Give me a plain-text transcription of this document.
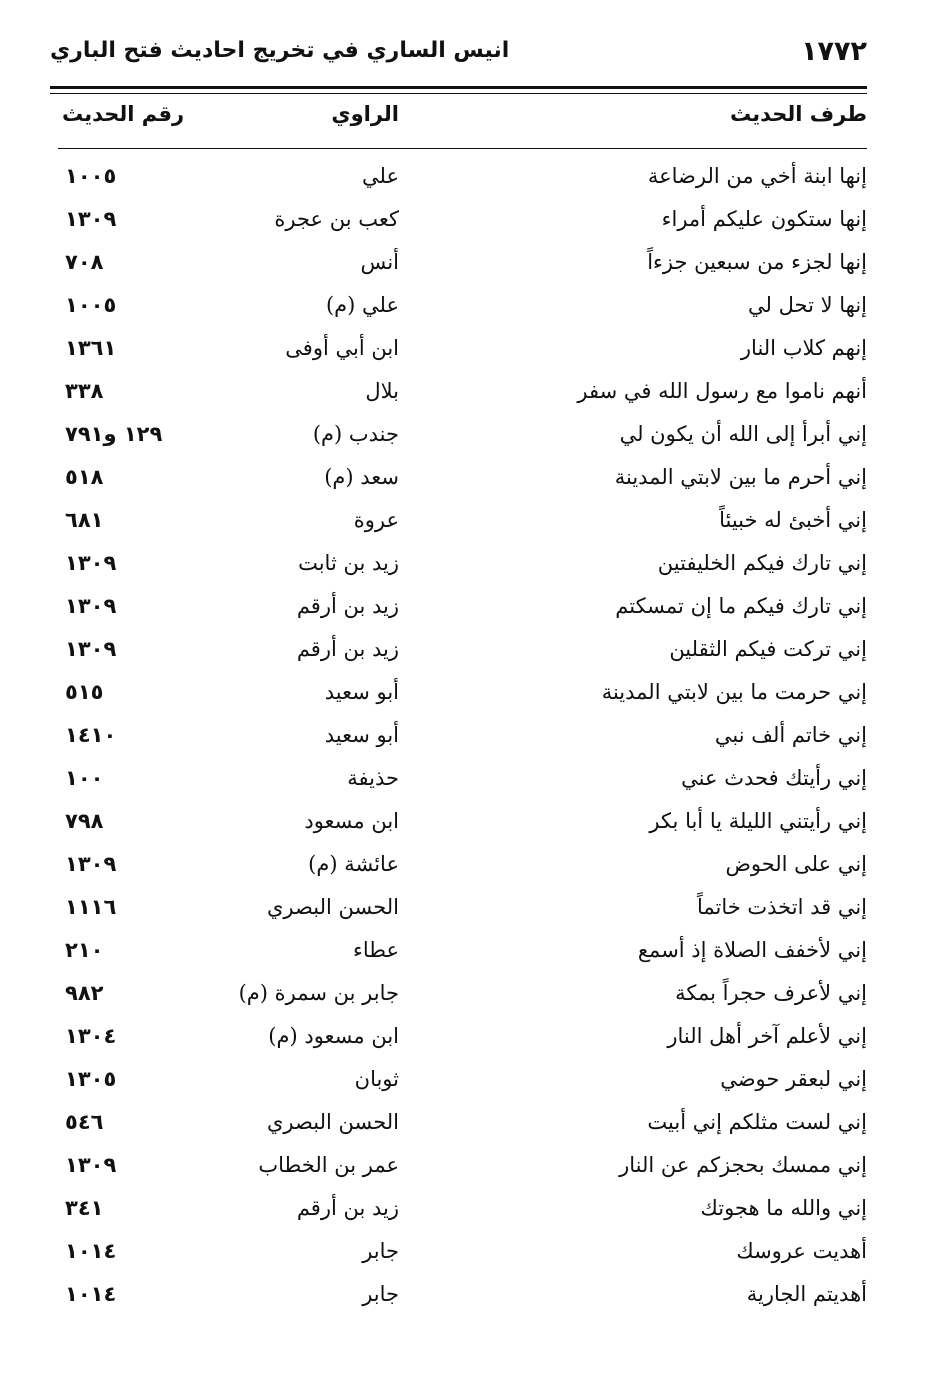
١٧٧٢
انيس الساري في تخريج احاديث فتح الباري
طرف الحديث
الراوي
رقم الحديث
إنها ابنة أخي من الرضاعة
علي
١٠٠٥
إنها ستكون عليكم أمراء
كعب بن عجرة
١٣٠٩
إنها لجزء من سبعين جزءاً
أنس
٧٠٨
إنها لا تحل لي
علي (م)
١٠٠٥
إنهم كلاب النار
ابن أبي أوفى
١٣٦١
أنهم ناموا مع رسول الله في سفر
بلال
٣٣٨
إني أبرأ إلى الله أن يكون لي
جندب (م)
١٢٩ و٧٩١
إني أحرم ما بين لابتي المدينة
سعد (م)
٥١٨
إني أخبئ له خبيئاً
عروة
٦٨١
إني تارك فيكم الخليفتين
زيد بن ثابت
١٣٠٩
إني تارك فيكم ما إن تمسكتم
زيد بن أرقم
١٣٠٩
إني تركت فيكم الثقلين
زيد بن أرقم
١٣٠٩
إني حرمت ما بين لابتي المدينة
أبو سعيد
٥١٥
إني خاتم ألف نبي
أبو سعيد
١٤١٠
إني رأيتك فحدث عني
حذيفة
١٠٠
إني رأيتني الليلة يا أبا بكر
ابن مسعود
٧٩٨
إني على الحوض
عائشة (م)
١٣٠٩
إني قد اتخذت خاتماً
الحسن البصري
١١١٦
إني لأخفف الصلاة إذ أسمع
عطاء
٢١٠
إني لأعرف حجراً بمكة
جابر بن سمرة (م)
٩٨٢
إني لأعلم آخر أهل النار
ابن مسعود (م)
١٣٠٤
إني لبعقر حوضي
ثوبان
١٣٠٥
إني لست مثلكم إني أبيت
الحسن البصري
٥٤٦
إني ممسك بحجزكم عن النار
عمر بن الخطاب
١٣٠٩
إني والله ما هجوتك
زيد بن أرقم
٣٤١
أهديت عروسك
جابر
١٠١٤
أهديتم الجارية
جابر
١٠١٤
